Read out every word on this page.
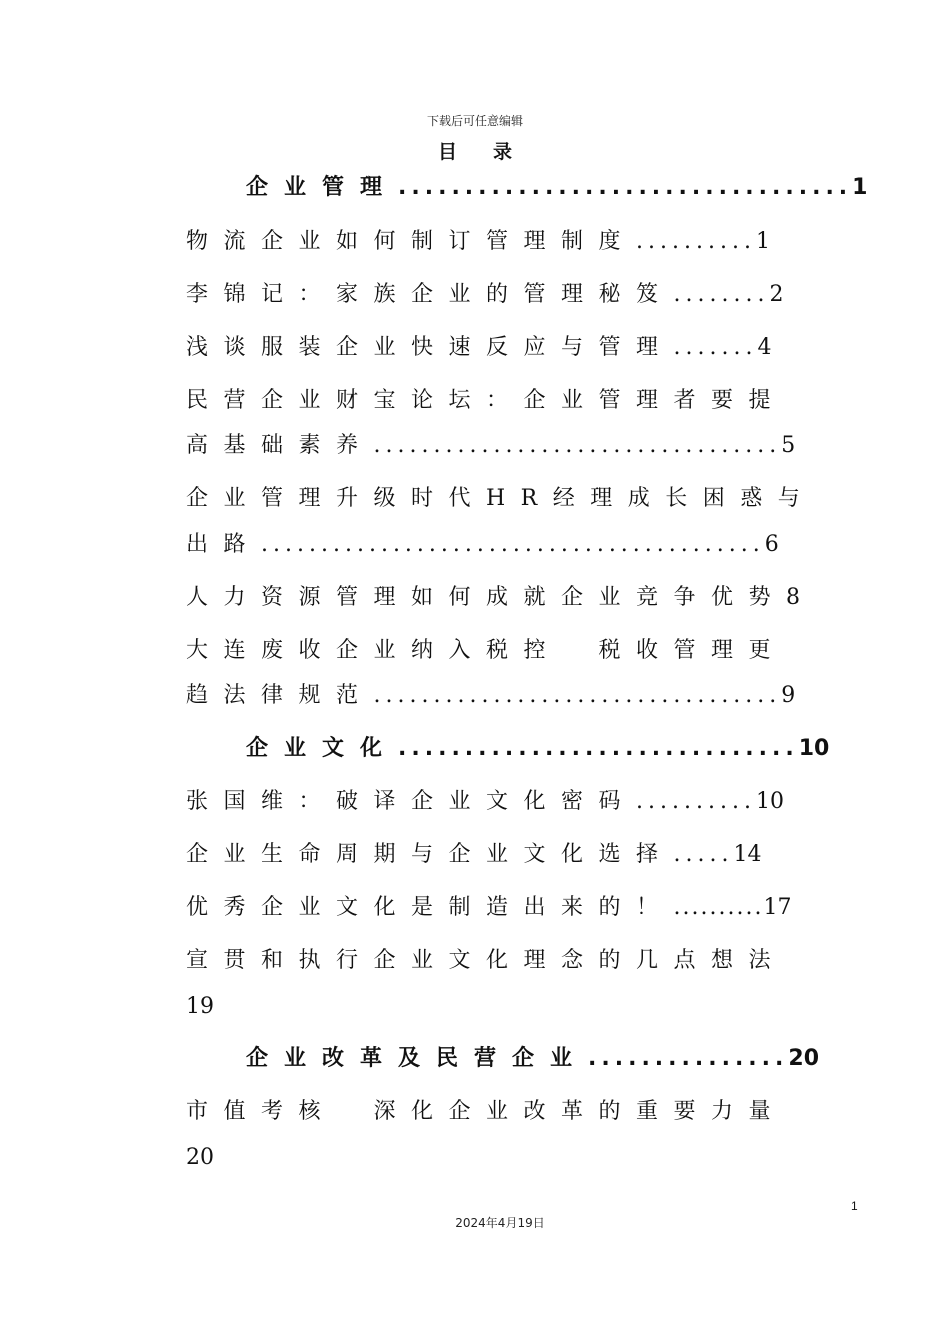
下载后可任意编辑
目录
企业管理..................................1
物流企业如何制订管理制度..........1
李锦记：家族企业的管理秘笈........2
浅谈服装企业快速反应与管理.......4
民营企业财宝论坛：企业管理者要提
高基础素养..................................5
企业管理升级时代HR经理成长困惑与
出路..........................................6
人力资源管理如何成就企业竞争优势8
大连废收企业纳入税控　税收管理更
趋法律规范..................................9
企业文化..............................10
张国维：破译企业文化密码..........10
企业生命周期与企业文化选择.....14
优秀企业文化是制造出来的！..........17
宣贯和执行企业文化理念的几点想法
19
企业改革及民营企业...............20
市值考核　深化企业改革的重要力量
20
1
2024年4月19日
